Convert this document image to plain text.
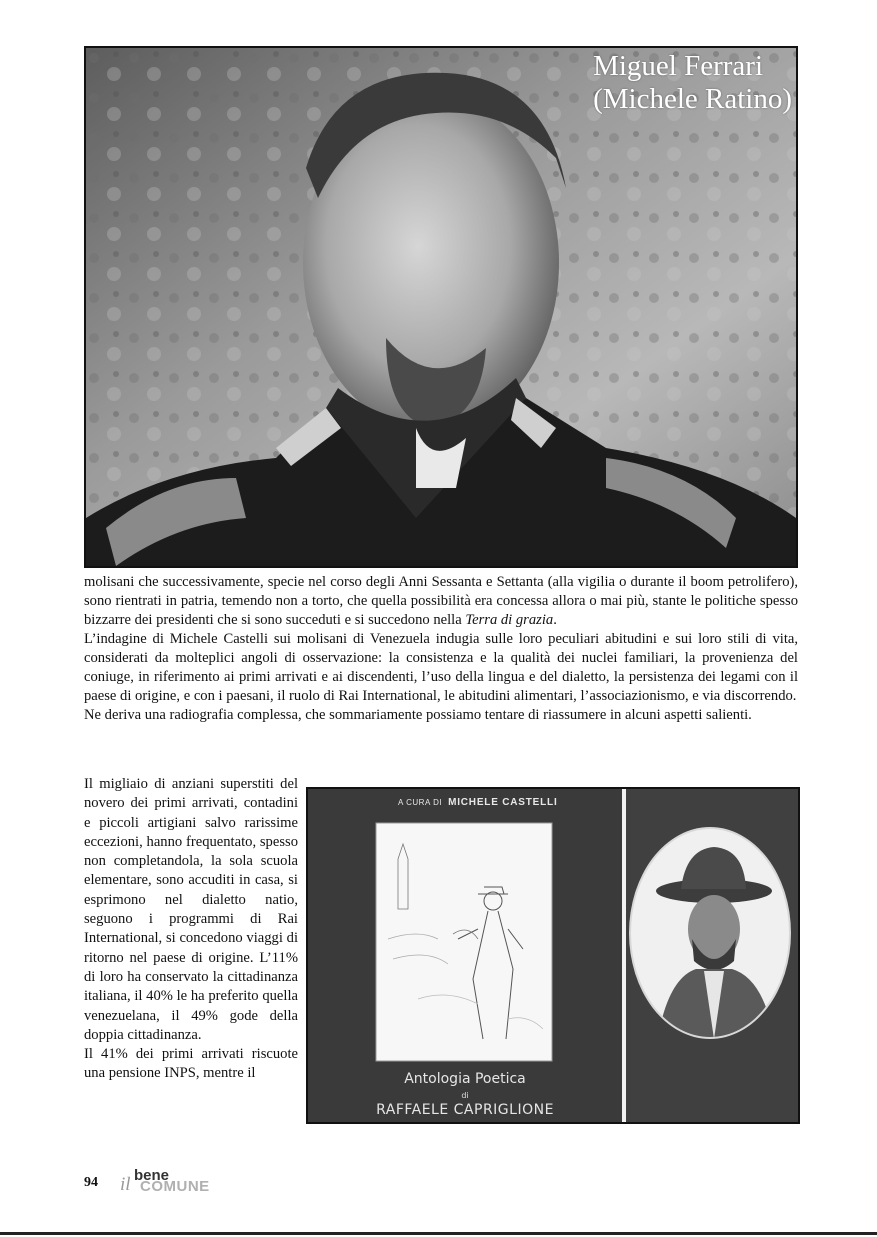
Miguel Ferrari
(Michele Ratino)

molisani che successivamente, specie nel corso degli Anni Sessanta e Settanta (alla vigilia o durante il boom petrolifero), sono rientrati in patria, temendo non a torto, che quella possibilità era concessa allora o mai più, stante le politiche spesso bizzarre dei presidenti che si sono succeduti e si succedono nella Terra di grazia.

L’indagine di Michele Castelli sui molisani di Venezuela indugia sulle loro peculiari abitudini e sui loro stili di vita, considerati da molteplici angoli di osservazione: la consistenza e la qualità dei nuclei familiari, la provenienza del coniuge, in riferimento ai primi arrivati e ai discendenti, l’uso della lingua e del dialetto, la persistenza dei legami con il paese di origine, e con i paesani, il ruolo di Rai International, le abitudini alimentari, l’associazionismo, e via discorrendo.

Ne deriva una radiografia complessa, che sommariamente possiamo tentare di riassumere in alcuni aspetti salienti.

Il migliaio di anziani superstiti del novero dei primi arrivati, contadini e piccoli artigiani salvo rarissime eccezioni, hanno frequentato, spesso non completandola, la sola scuola elementare, sono accuditi in casa, si esprimono nel dialetto natio, seguono i programmi di Rai International, si concedono viaggi di ritorno nel paese di origine. L’11% di loro ha conservato la cittadinanza italiana, il 40% le ha preferito quella venezuelana, il 49% gode della doppia cittadinanza.

Il 41% dei primi arrivati riscuote una pensione INPS, mentre il

A CURA DI MICHELE CASTELLI
Antologia Poetica
di
RAFFAELE CAPRIGLIONE
94 il bene
COMUNE
